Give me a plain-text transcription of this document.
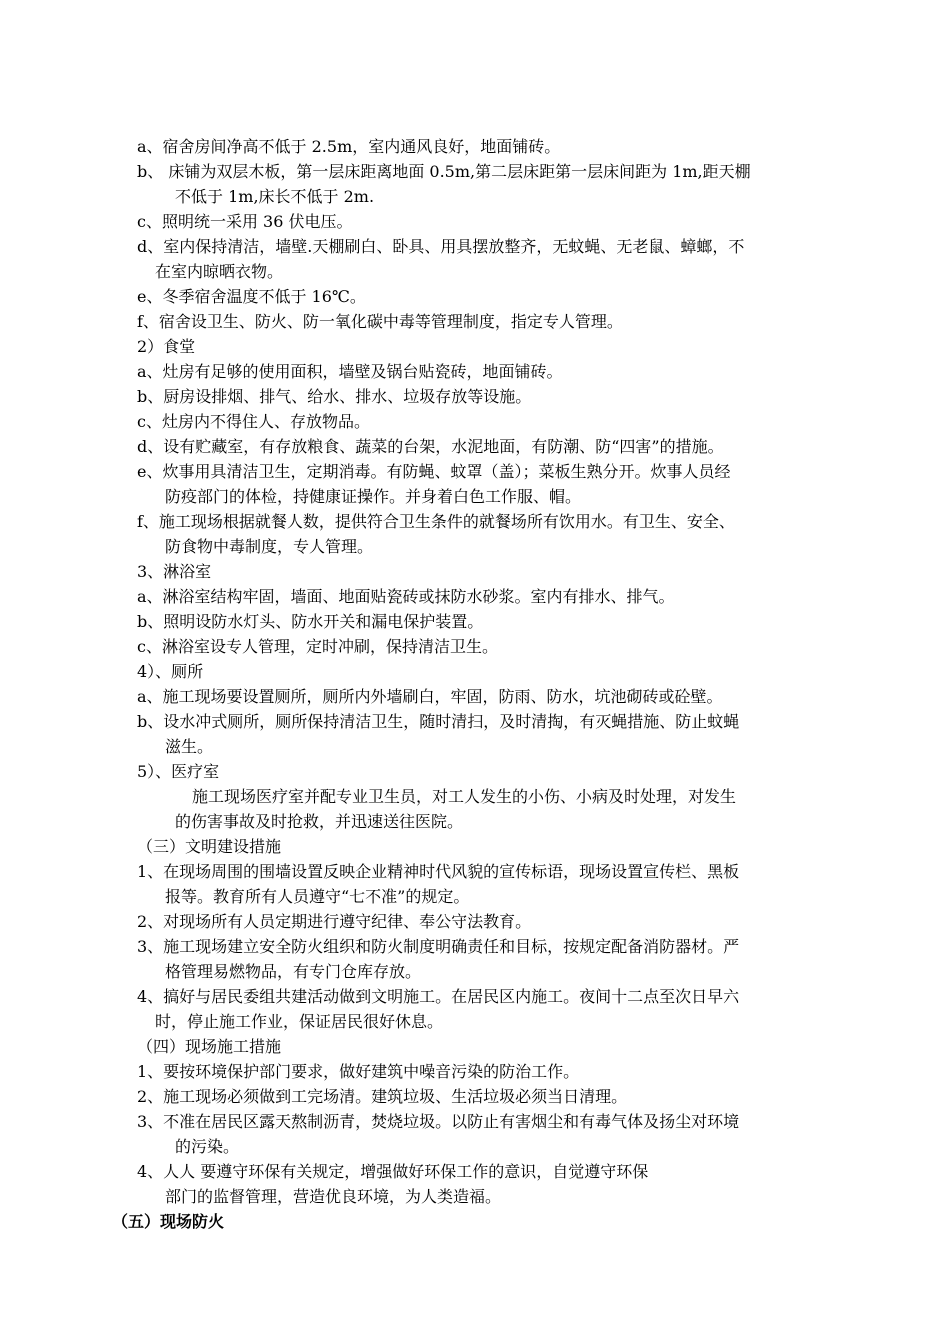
a、宿舍房间净高不低于 2.5m，室内通风良好，地面铺砖。
b、 床铺为双层木板，第一层床距离地面 0.5m,第二层床距第一层床间距为 1m,距天棚
不低于 1m,床长不低于 2m.
c、照明统一采用 36 伏电压。
d、室内保持清洁，墙壁.天棚刷白、卧具、用具摆放整齐，无蚊蝇、无老鼠、蟑螂，不
在室内晾晒衣物。
e、冬季宿舍温度不低于 16℃。
f、宿舍设卫生、防火、防一氧化碳中毒等管理制度，指定专人管理。
2）食堂
a、灶房有足够的使用面积，墙壁及锅台贴瓷砖，地面铺砖。
b、厨房设排烟、排气、给水、排水、垃圾存放等设施。
c、灶房内不得住人、存放物品。
d、设有贮藏室，有存放粮食、蔬菜的台架，水泥地面，有防潮、防“四害”的措施。
e、炊事用具清洁卫生，定期消毒。有防蝇、蚊罩（盖）；菜板生熟分开。炊事人员经
防疫部门的体检，持健康证操作。并身着白色工作服、帽。
f、施工现场根据就餐人数，提供符合卫生条件的就餐场所有饮用水。有卫生、安全、
防食物中毒制度，专人管理。
3、淋浴室
a、淋浴室结构牢固，墙面、地面贴瓷砖或抹防水砂浆。室内有排水、排气。
b、照明设防水灯头、防水开关和漏电保护装置。
c、淋浴室设专人管理，定时冲刷，保持清洁卫生。
4）、厕所
a、施工现场要设置厕所，厕所内外墙刷白，牢固，防雨、防水，坑池砌砖或砼壁。
b、设水冲式厕所，厕所保持清洁卫生，随时清扫，及时清掏，有灭蝇措施、防止蚊蝇
滋生。
5）、医疗室
施工现场医疗室并配专业卫生员，对工人发生的小伤、小病及时处理，对发生
的伤害事故及时抢救，并迅速送往医院。
（三）文明建设措施
1、在现场周围的围墙设置反映企业精神时代风貌的宣传标语，现场设置宣传栏、黑板
报等。教育所有人员遵守“七不准”的规定。
2、对现场所有人员定期进行遵守纪律、奉公守法教育。
3、施工现场建立安全防火组织和防火制度明确责任和目标，按规定配备消防器材。严
格管理易燃物品，有专门仓库存放。
4、搞好与居民委组共建活动做到文明施工。在居民区内施工。夜间十二点至次日早六
时，停止施工作业，保证居民很好休息。
（四）现场施工措施
1、要按环境保护部门要求，做好建筑中噪音污染的防治工作。
2、施工现场必须做到工完场清。建筑垃圾、生活垃圾必须当日清理。
3、不准在居民区露天熬制沥青，焚烧垃圾。以防止有害烟尘和有毒气体及扬尘对环境
的污染。
4、人人 要遵守环保有关规定，增强做好环保工作的意识，自觉遵守环保
部门的监督管理，营造优良环境，为人类造福。
（五）现场防火
